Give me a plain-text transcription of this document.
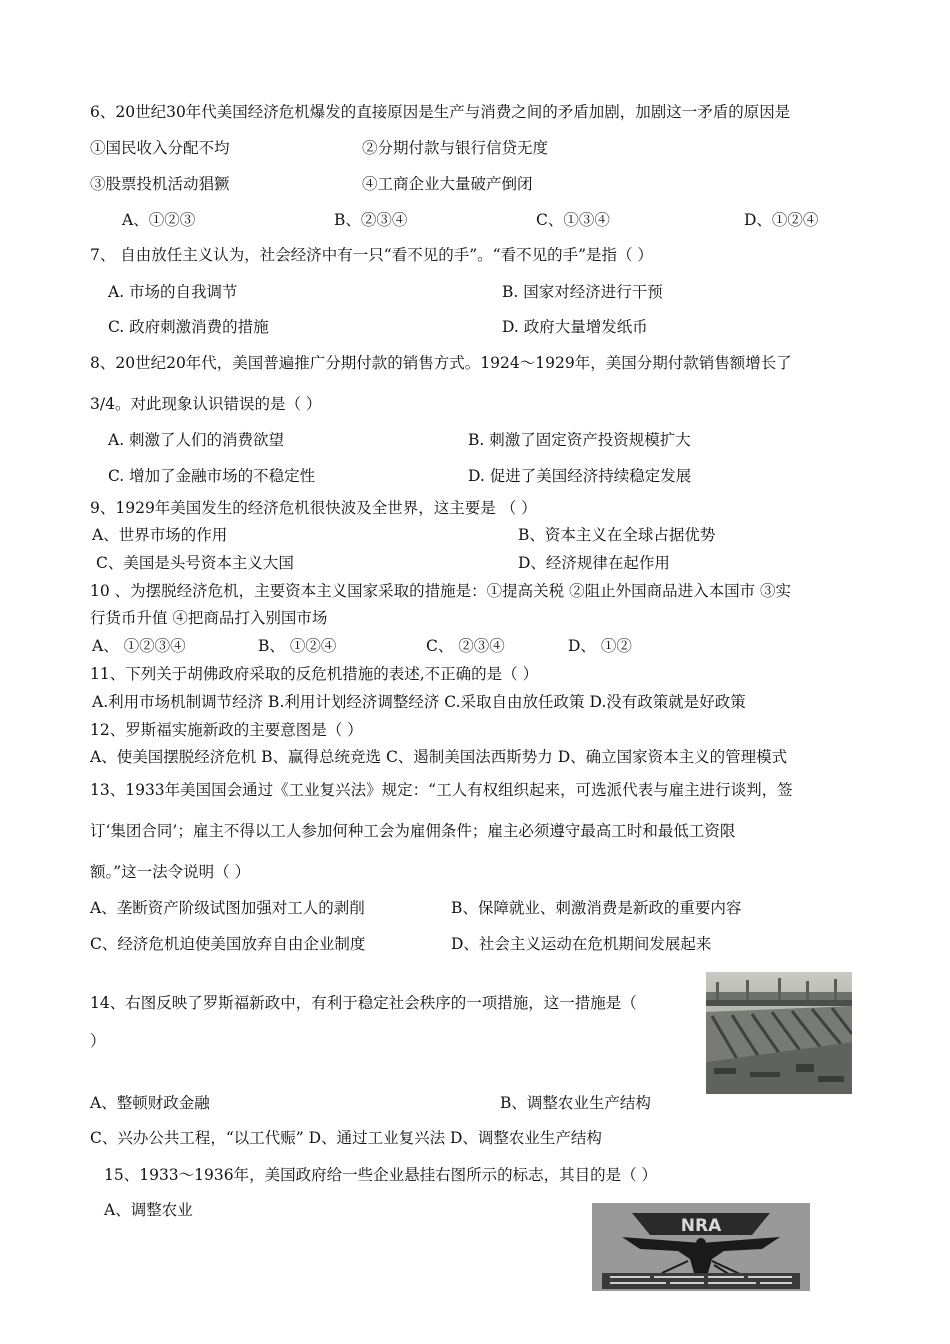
6、20世纪30年代美国经济危机爆发的直接原因是生产与消费之间的矛盾加剧，加剧这一矛盾的原因是
①国民收入分配不均	②分期付款与银行信贷无度
③股票投机活动猖獗	④工商企业大量破产倒闭
A、①②③	B、②③④	C、①③④	D、①②④
7、 自由放任主义认为，社会经济中有一只“看不见的手”。“看不见的手”是指（ ）
A. 市场的自我调节	B. 国家对经济进行干预
C. 政府刺激消费的措施	D. 政府大量增发纸币
8、20世纪20年代，美国普遍推广分期付款的销售方式。1924～1929年，美国分期付款销售额增长了
3/4。对此现象认识错误的是（ ）
A. 刺激了人们的消费欲望	B. 刺激了固定资产投资规模扩大
C. 增加了金融市场的不稳定性	D. 促进了美国经济持续稳定发展
9、1929年美国发生的经济危机很快波及全世界，这主要是 （ ）
A、世界市场的作用	B、资本主义在全球占据优势
C、美国是头号资本主义大国	D、经济规律在起作用
10 、为摆脱经济危机，主要资本主义国家采取的措施是：①提高关税 ②阻止外国商品进入本国市 ③实
行货币升值 ④把商品打入别国市场
A、 ①②③④	B、 ①②④	C、 ②③④	D、 ①②
11、下列关于胡佛政府采取的反危机措施的表述,不正确的是（ ）
A.利用市场机制调节经济 B.利用计划经济调整经济 C.采取自由放任政策 D.没有政策就是好政策
12、罗斯福实施新政的主要意图是（ ）
A、使美国摆脱经济危机 B、赢得总统竞选 C、遏制美国法西斯势力 D、确立国家资本主义的管理模式
13、1933年美国国会通过《工业复兴法》规定：“工人有权组织起来，可选派代表与雇主进行谈判，签
订‘集团合同’；雇主不得以工人参加何种工会为雇佣条件；雇主必须遵守最高工时和最低工资限
额。”这一法令说明（ ）
A、垄断资产阶级试图加强对工人的剥削	B、保障就业、刺激消费是新政的重要内容
C、经济危机迫使美国放弃自由企业制度	D、社会主义运动在危机期间发展起来
14、右图反映了罗斯福新政中，有利于稳定社会秩序的一项措施，这一措施是（
）
A、整顿财政金融	B、调整农业生产结构
C、兴办公共工程，“以工代赈” D、通过工业复兴法 D、调整农业生产结构
15、1933～1936年，美国政府给一些企业悬挂右图所示的标志，其目的是（ ）
A、调整农业
NRA
